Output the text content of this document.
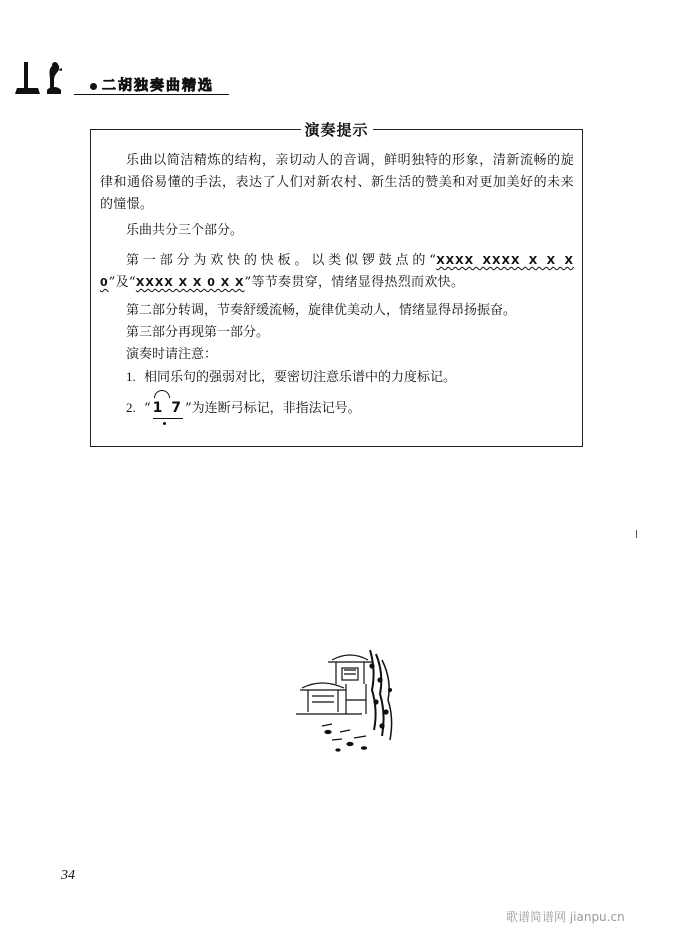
二胡独奏曲精选
演奏提示

乐曲以简洁精炼的结构，亲切动人的音调，鲜明独特的形象，清新流畅的旋律和通俗易懂的手法，表达了人们对新农村、新生活的赞美和对更加美好的未来的憧憬。

乐曲共分三个部分。

第一部分为欢快的快板。以类似锣鼓点的“XXXX XXXX X X X 0”及“XXXX X X 0 X X”等节奏贯穿，情绪显得热烈而欢快。

第二部分转调，节奏舒缓流畅，旋律优美动人，情绪显得昂扬振奋。

第三部分再现第一部分。

演奏时请注意：

1. 相同乐句的强弱对比，要密切注意乐谱中的力度标记。

2. “ 1 7 ”为连断弓标记，非指法记号。

34
歌谱简谱网 jianpu.cn
